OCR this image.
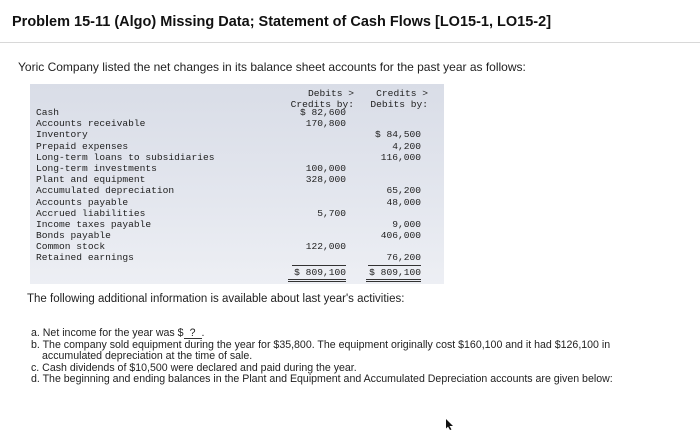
Problem 15-11 (Algo) Missing Data; Statement of Cash Flows [LO15-1, LO15-2]
Yoric Company listed the net changes in its balance sheet accounts for the past year as follows:
Debits >
Credits by:
Credits >
Debits by:
Cash
Accounts receivable
Inventory
Prepaid expenses
Long-term loans to subsidiaries
Long-term investments
Plant and equipment
Accumulated depreciation
Accounts payable
Accrued liabilities
Income taxes payable
Bonds payable
Common stock
Retained earnings
$ 82,600
170,800
100,000
328,000
5,700
122,000
$ 84,500
4,200
116,000
65,200
48,000
9,000
406,000
76,200
$ 809,100	$ 809,100
The following additional information is available about last year's activities:
a. Net income for the year was $ ? .
b. The company sold equipment during the year for $35,800. The equipment originally cost $160,100 and it had $126,100 in
accumulated depreciation at the time of sale.
c. Cash dividends of $10,500 were declared and paid during the year.
d. The beginning and ending balances in the Plant and Equipment and Accumulated Depreciation accounts are given below:
